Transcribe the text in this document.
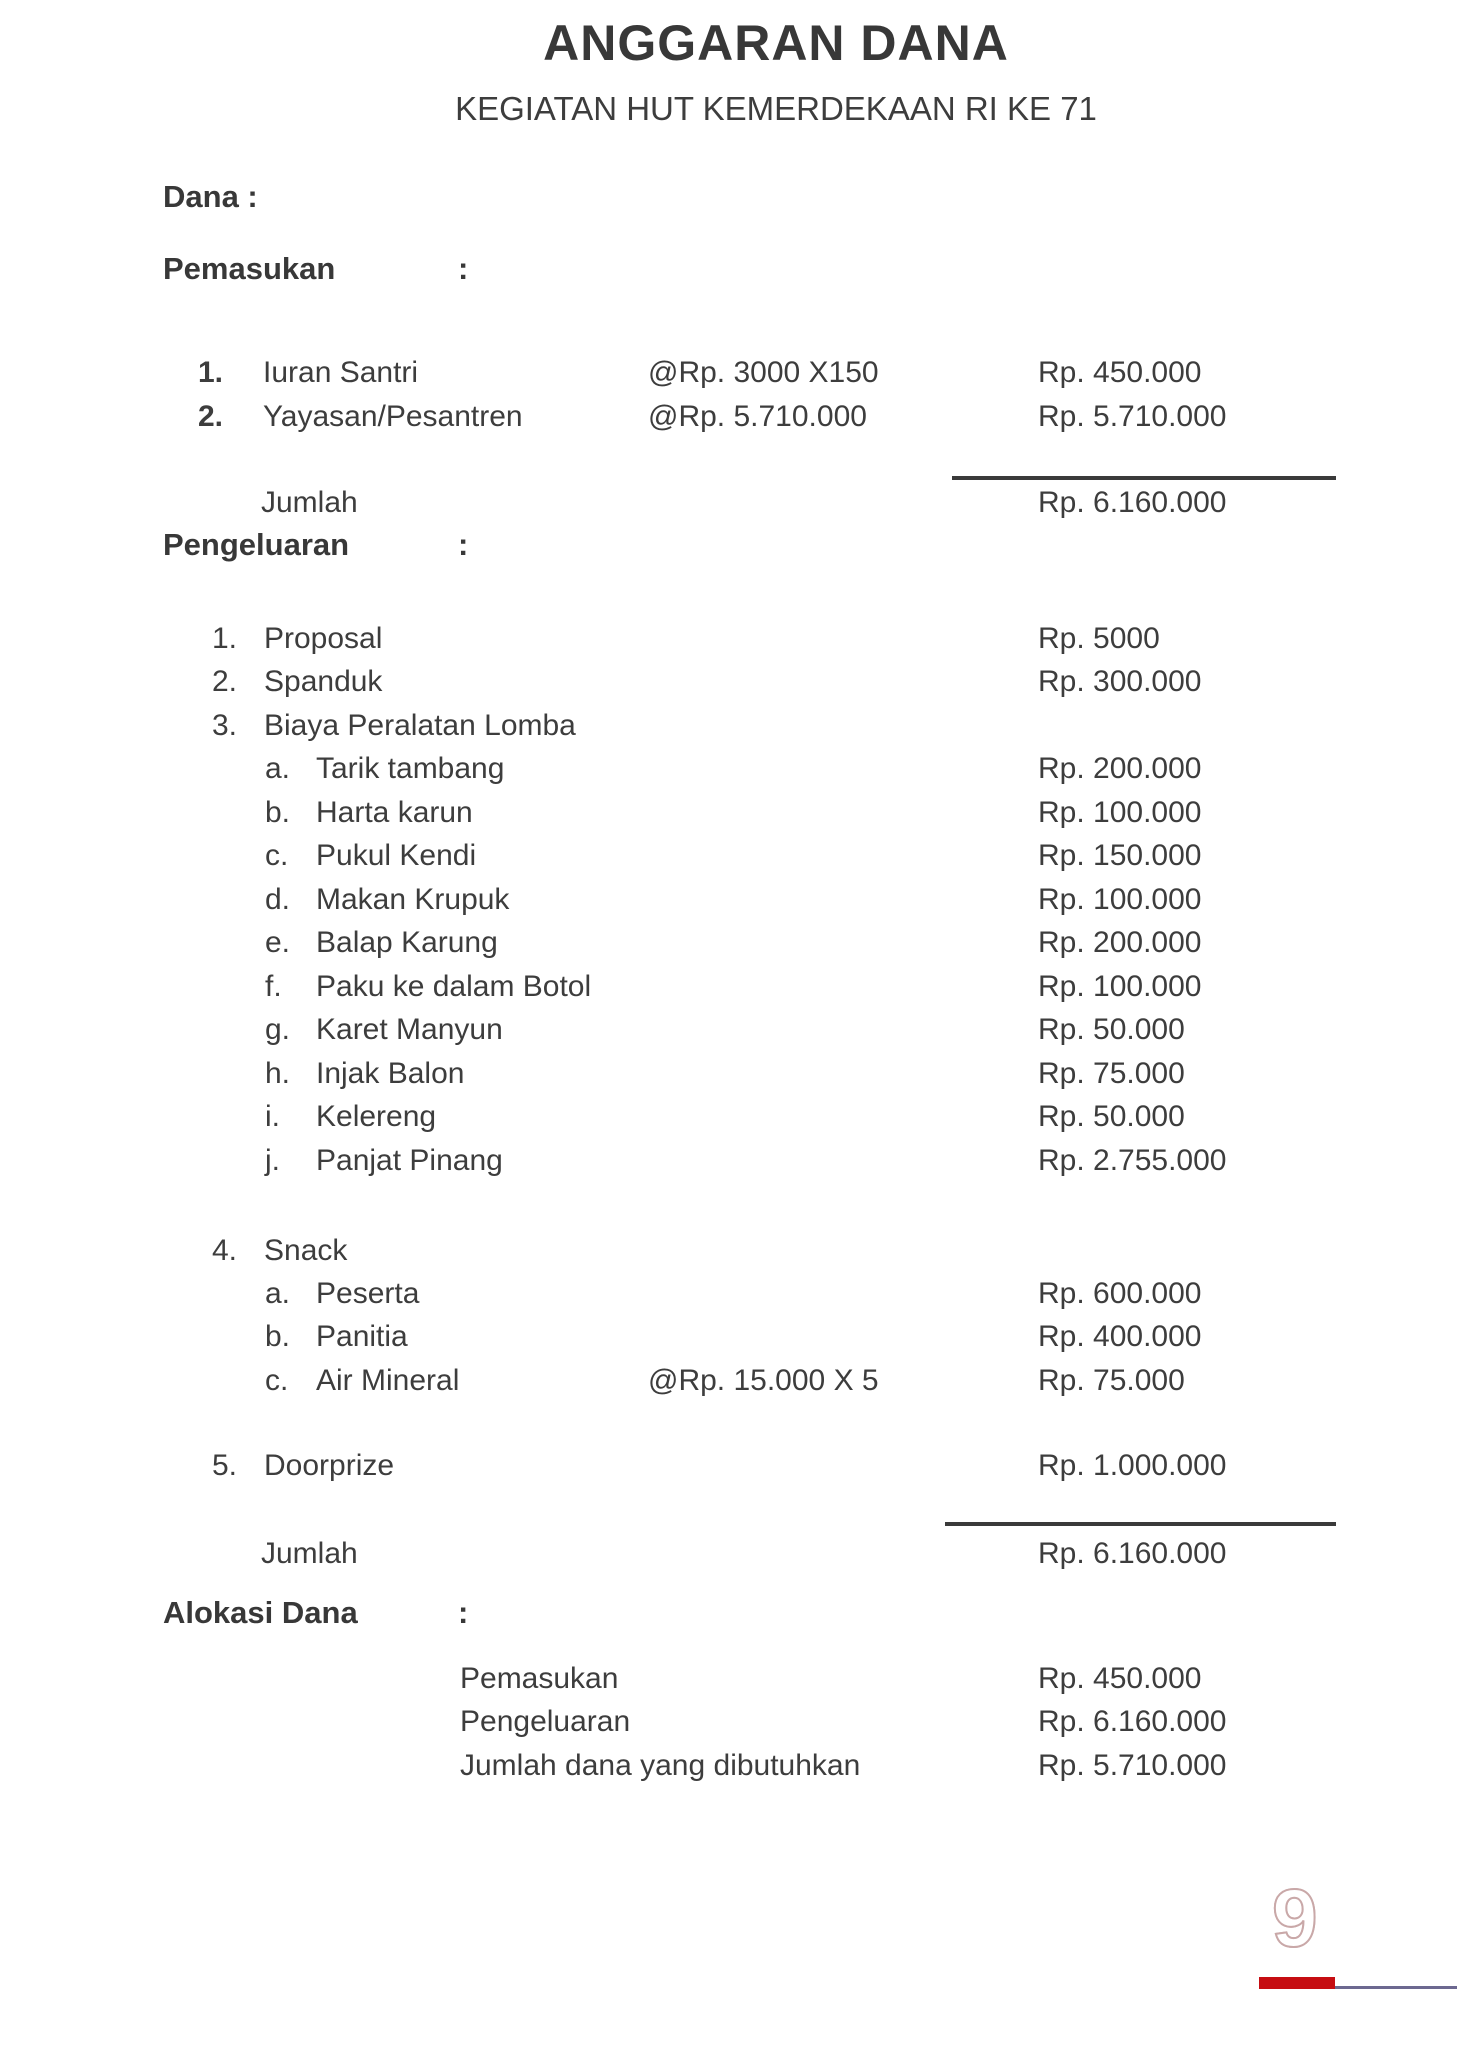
ANGGARAN DANA
KEGIATAN HUT KEMERDEKAAN RI KE 71
Dana :
Pemasukan	:
1. Iuran Santri	@Rp. 3000 X150	Rp. 450.000
2. Yayasan/Pesantren	@Rp. 5.710.000	Rp. 5.710.000
Jumlah	Rp. 6.160.000
Pengeluaran	:
1. Proposal	Rp. 5000
2. Spanduk	Rp. 300.000
3. Biaya Peralatan Lomba
a. Tarik tambang	Rp. 200.000
b. Harta karun	Rp. 100.000
c. Pukul Kendi	Rp. 150.000
d. Makan Krupuk	Rp. 100.000
e. Balap Karung	Rp. 200.000
f. Paku ke dalam Botol	Rp. 100.000
g. Karet Manyun	Rp. 50.000
h. Injak Balon	Rp. 75.000
i. Kelereng	Rp. 50.000
j. Panjat Pinang	Rp. 2.755.000
4. Snack
a. Peserta	Rp. 600.000
b. Panitia	Rp. 400.000
c. Air Mineral	@Rp. 15.000 X 5	Rp. 75.000
5. Doorprize	Rp. 1.000.000
Jumlah	Rp. 6.160.000
Alokasi Dana	:
Pemasukan	Rp. 450.000
Pengeluaran	Rp. 6.160.000
Jumlah dana yang dibutuhkan	Rp. 5.710.000
9
